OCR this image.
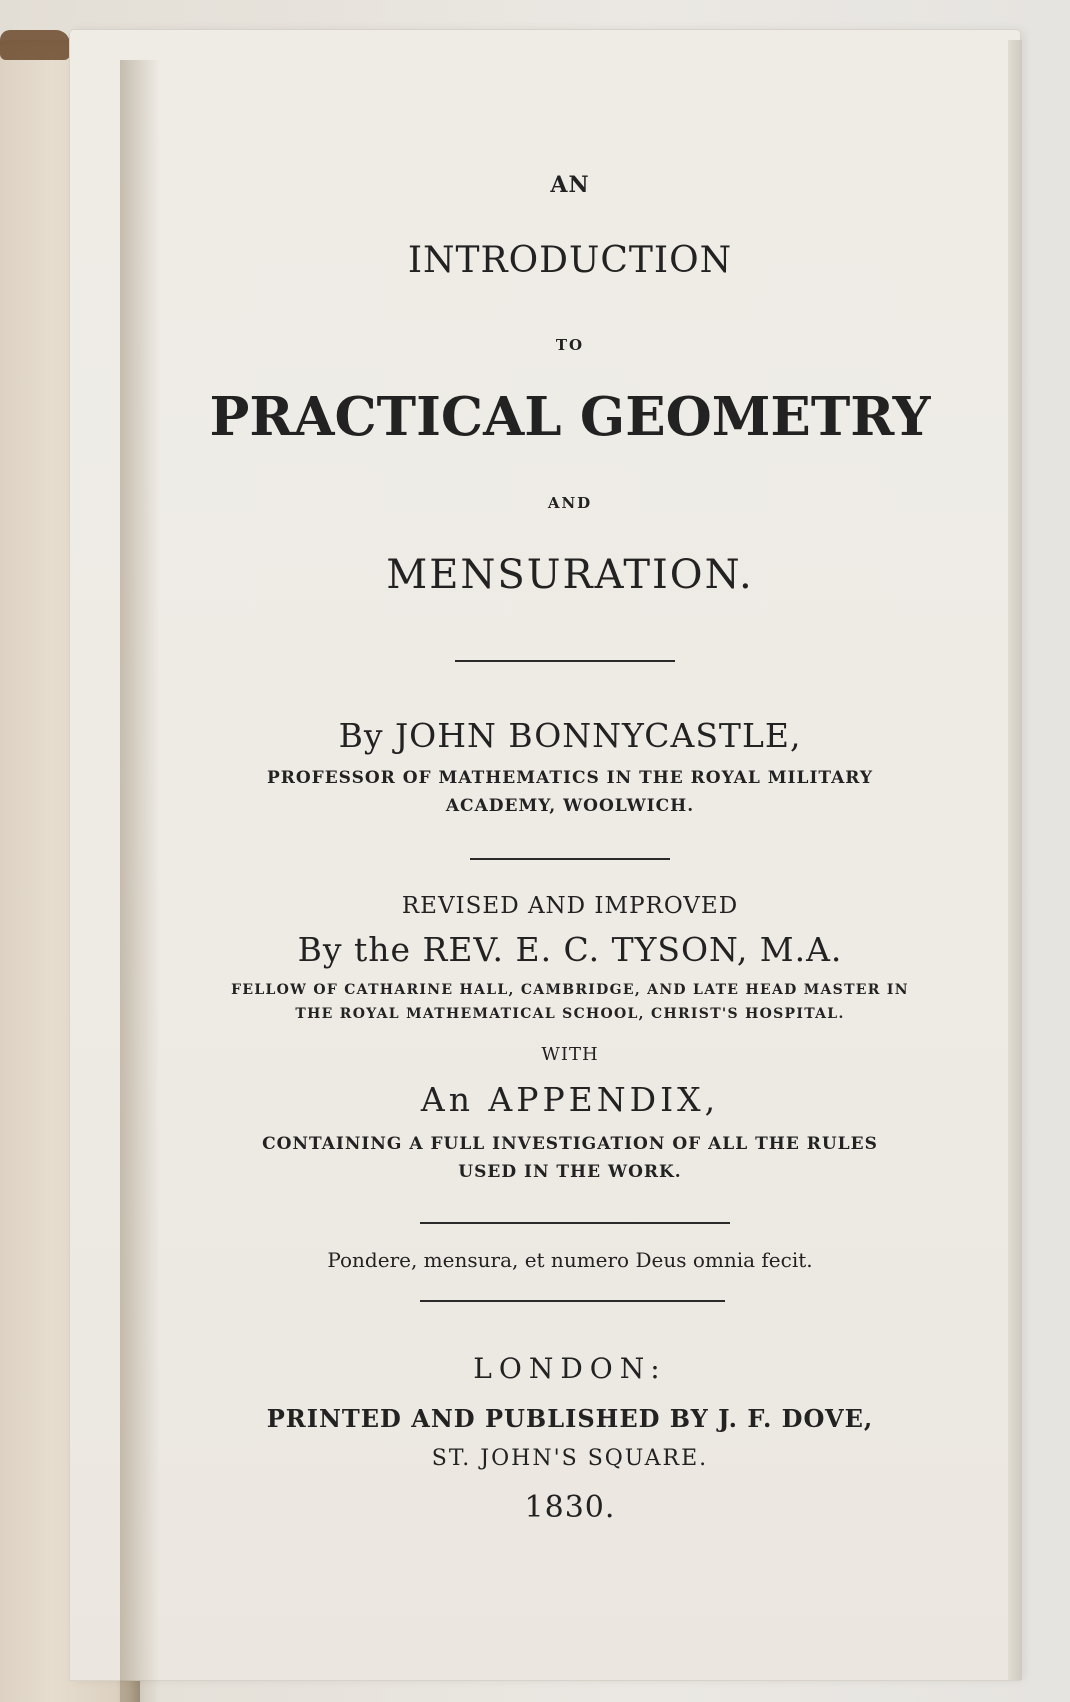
AN
INTRODUCTION
TO
PRACTICAL GEOMETRY
AND
MENSURATION.
By JOHN BONNYCASTLE,
PROFESSOR OF MATHEMATICS IN THE ROYAL MILITARY
ACADEMY, WOOLWICH.
REVISED AND IMPROVED
By the REV. E. C. TYSON, M.A.
FELLOW OF CATHARINE HALL, CAMBRIDGE, AND LATE HEAD MASTER IN
THE ROYAL MATHEMATICAL SCHOOL, CHRIST'S HOSPITAL.
WITH
An APPENDIX,
CONTAINING A FULL INVESTIGATION OF ALL THE RULES
USED IN THE WORK.
Pondere, mensura, et numero Deus omnia fecit.
LONDON:
PRINTED AND PUBLISHED BY J. F. DOVE,
ST. JOHN'S SQUARE.
1830.
